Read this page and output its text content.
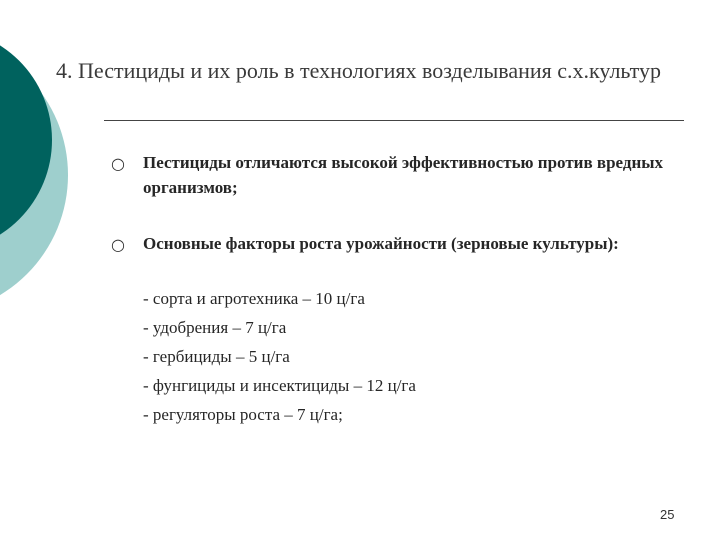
4. Пестициды и их роль в технологиях возделывания с.х.культур
○ Пестициды отличаются высокой эффективностью против вредных организмов;
○ Основные факторы роста урожайности (зерновые культуры):
- сорта и агротехника – 10 ц/га
- удобрения – 7 ц/га
- гербициды – 5 ц/га
- фунгициды и инсектициды – 12 ц/га
- регуляторы роста – 7 ц/га;
25
